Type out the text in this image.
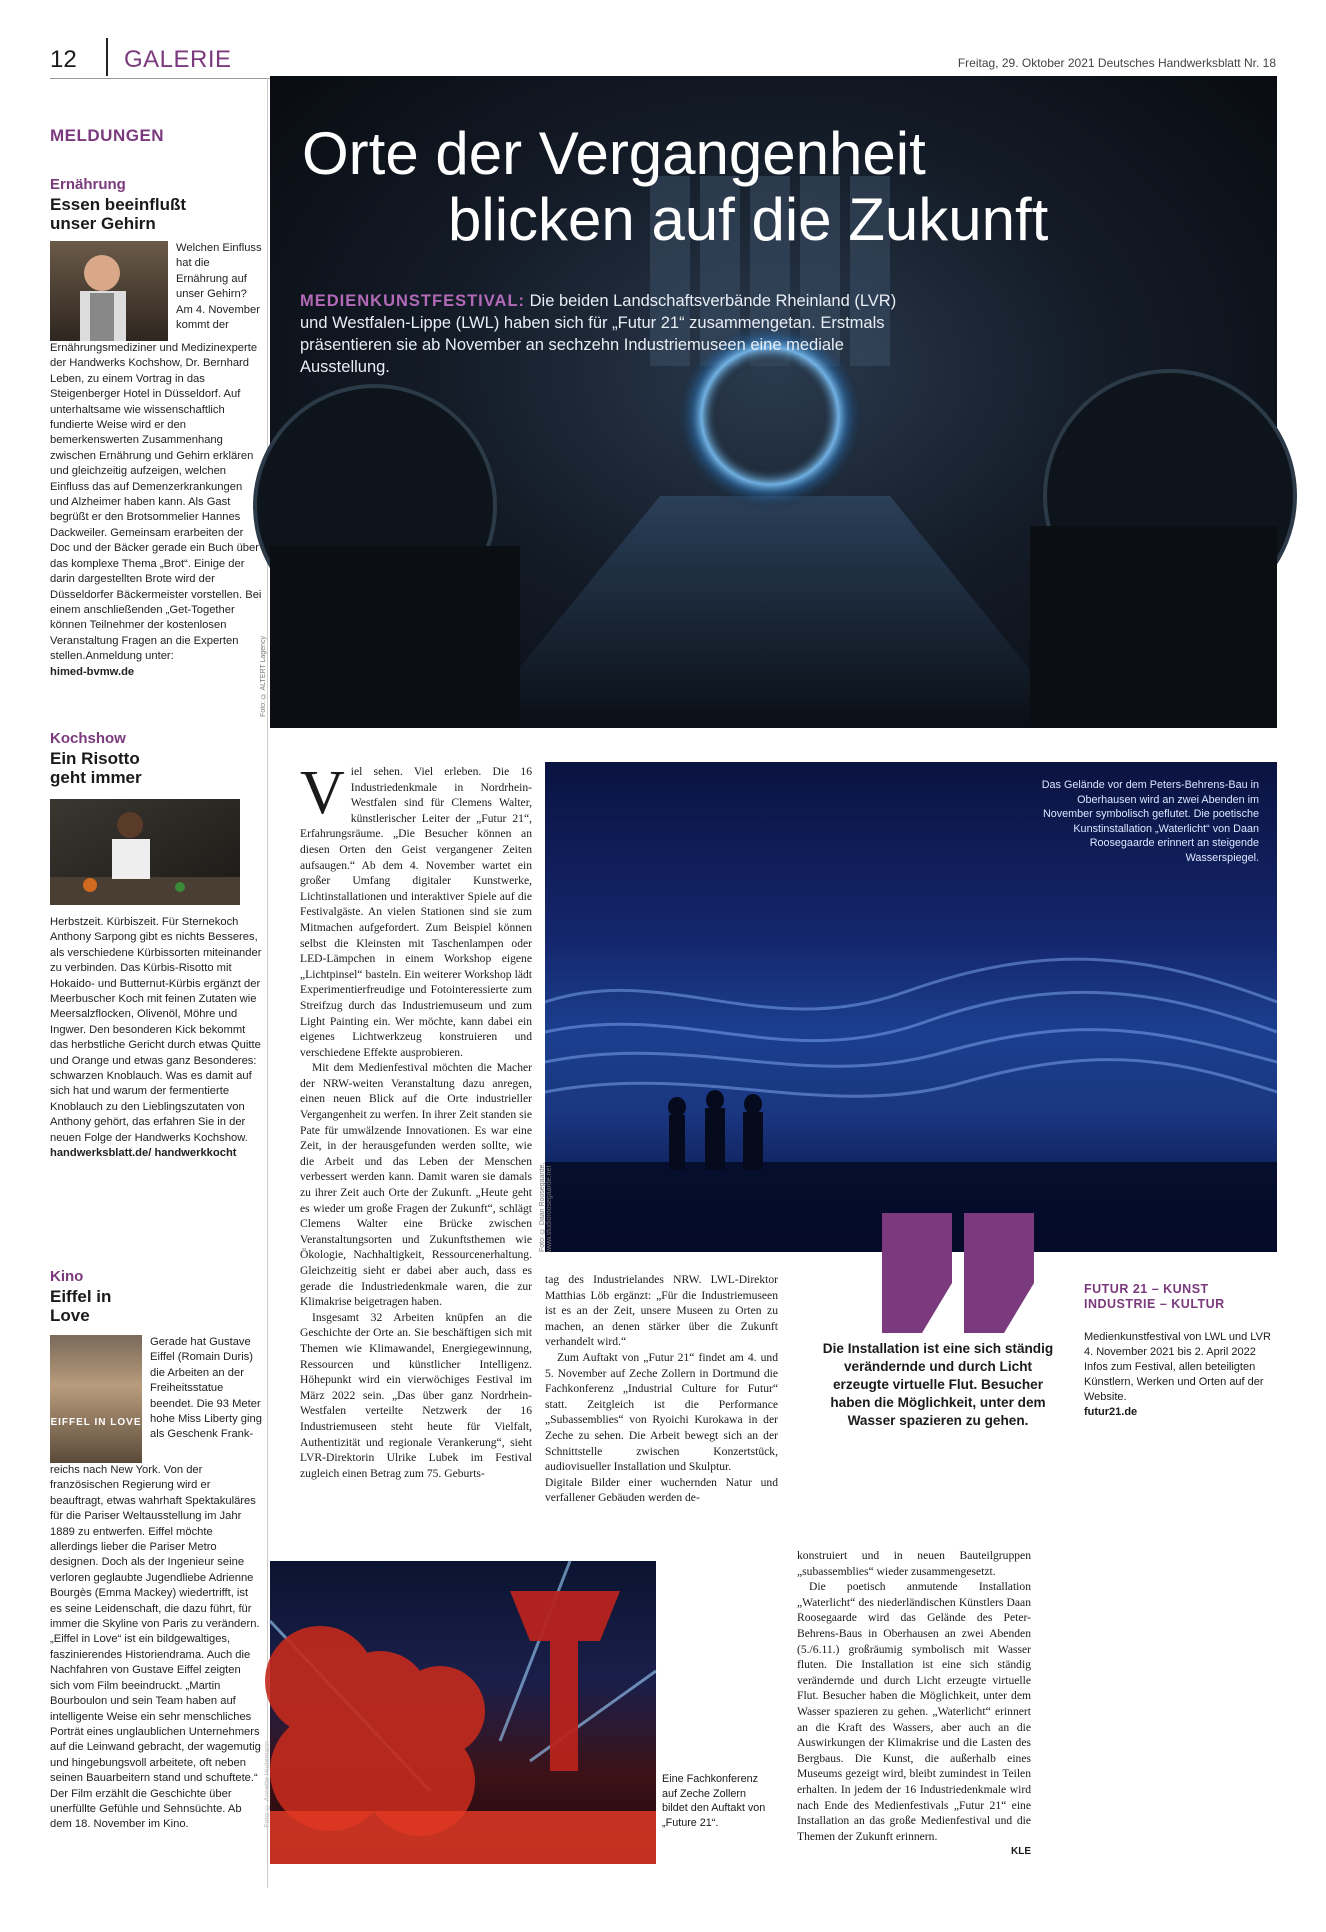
12 GALERIE	Freitag, 29. Oktober 2021 Deutsches Handwerksblatt Nr. 18
MELDUNGEN
Ernährung
Essen beeinflußt
unser Gehirn
Welchen Einfluss hat die Ernährung auf unser Gehirn? Am 4. November kommt der
Ernährungsmediziner und Medizinexperte der Handwerks Kochshow, Dr. Bernhard Leben, zu einem Vortrag in das Steigenberger Hotel in Düsseldorf. Auf unterhaltsame wie wissenschaftlich fundierte Weise wird er den bemerkenswerten Zusammenhang zwischen Ernährung und Gehirn erklären und gleichzeitig aufzeigen, welchen Einfluss das auf Demenzerkrankungen und Alzheimer haben kann. Als Gast begrüßt er den Brotsommelier Hannes Dackweiler. Gemeinsam erarbeiten der Doc und der Bäcker gerade ein Buch über das komplexe Thema „Brot“. Einige der darin dargestellten Brote wird der Düsseldorfer Bäckermeister vorstellen. Bei einem anschließenden „Get-Together können Teilnehmer der kostenlosen Veranstaltung Fragen an die Experten stellen.Anmeldung unter:
himed-bvmw.de
Kochshow
Ein Risotto
geht immer
Herbstzeit. Kürbiszeit. Für Sternekoch Anthony Sarpong gibt es nichts Besseres, als verschiedene Kürbissorten miteinander zu verbinden. Das Kürbis-Risotto mit Hokaido- und Butternut-Kürbis ergänzt der Meerbuscher Koch mit feinen Zutaten wie Meersalzflocken, Olivenöl, Möhre und Ingwer. Den besonderen Kick bekommt das herbstliche Gericht durch etwas Quitte und Orange und etwas ganz Besonderes: schwarzen Knoblauch. Was es damit auf sich hat und warum der fermentierte Knoblauch zu den Lieblingszutaten von Anthony gehört, das erfahren Sie in der neuen Folge der Handwerks Kochshow.
handwerksblatt.de/ handwerkkocht
Kino
Eiffel in
Love
EIFFEL IN LOVE
Gerade hat Gustave Eiffel (Romain Duris) die Arbeiten an der Freiheitsstatue beendet. Die 93 Meter hohe Miss Liberty ging als Geschenk Frank-
reichs nach New York. Von der französischen Regierung wird er beauftragt, etwas wahrhaft Spektakuläres für die Pariser Weltausstellung im Jahr 1889 zu entwerfen. Eiffel möchte allerdings lieber die Pariser Metro designen. Doch als der Ingenieur seine verloren geglaubte Jugendliebe Adrienne Bourgès (Emma Mackey) wiedertrifft, ist es seine Leidenschaft, die dazu führt, für immer die Skyline von Paris zu verändern. „Eiffel in Love“ ist ein bildgewaltiges, faszinierendes Historiendrama. Auch die Nachfahren von Gustave Eiffel zeigten sich vom Film beeindruckt. „Martin Bourboulon und sein Team haben auf intelligente Weise ein sehr menschliches Porträt eines unglaublichen Unternehmers auf die Leinwand gebracht, der wagemutig und hingebungsvoll arbeitete, oft neben seinen Bauarbeitern stand und schuftete.“ Der Film erzählt die Geschichte über unerfüllte Gefühle und Sehnsüchte. Ab dem 18. November im Kino.
Orte der Vergangenheit
blicken auf die Zukunft
MEDIENKUNSTFESTIVAL: Die beiden Landschaftsverbände Rheinland (LVR) und Westfalen-Lippe (LWL) haben sich für „Futur 21“ zusammengetan. Erstmals präsentieren sie ab November an sechzehn Industriemuseen eine mediale Ausstellung.
Foto: © ALTERT Lagency
V iel sehen. Viel erleben. Die 16 Industriedenkmale in Nordrhein-Westfalen sind für Clemens Walter, künstlerischer Leiter der „Futur 21“, Erfahrungsräume. „Die Besucher können an diesen Orten den Geist vergangener Zeiten aufsaugen.“ Ab dem 4. November wartet ein großer Umfang digitaler Kunstwerke, Lichtinstallationen und interaktiver Spiele auf die Festivalgäste. An vielen Stationen sind sie zum Mitmachen aufgefordert. Zum Beispiel können selbst die Kleinsten mit Taschenlampen oder LED-Lämpchen in einem Workshop eigene „Lichtpinsel“ basteln. Ein weiterer Workshop lädt Experimentierfreudige und Fotointeressierte zum Streifzug durch das Industriemuseum und zum Light Painting ein. Wer möchte, kann dabei ein eigenes Lichtwerkzeug konstruieren und verschiedene Effekte ausprobieren.

Mit dem Medienfestival möchten die Macher der NRW-weiten Veranstaltung dazu anregen, einen neuen Blick auf die Orte industrieller Vergangenheit zu werfen. In ihrer Zeit standen sie Pate für umwälzende Innovationen. Es war eine Zeit, in der herausgefunden werden sollte, wie die Arbeit und das Leben der Menschen verbessert werden kann. Damit waren sie damals zu ihrer Zeit auch Orte der Zukunft. „Heute geht es wieder um große Fragen der Zukunft“, schlägt Clemens Walter eine Brücke zwischen Veranstaltungsorten und Zukunftsthemen wie Ökologie, Nachhaltigkeit, Ressourcenerhaltung. Gleichzeitig sieht er dabei aber auch, dass es gerade die Industriedenkmale waren, die zur Klimakrise beigetragen haben.

Insgesamt 32 Arbeiten knüpfen an die Geschichte der Orte an. Sie beschäftigen sich mit Themen wie Klimawandel, Energiegewinnung, Ressourcen und künstlicher Intelligenz. Höhepunkt wird ein vierwöchiges Festival im März 2022 sein. „Das über ganz Nordrhein-Westfalen verteilte Netzwerk der 16 Industriemuseen steht heute für Vielfalt, Authentizität und regionale Verankerung“, sieht LVR-Direktorin Ulrike Lubek im Festival zugleich einen Betrag zum 75. Geburts-

Das Gelände vor dem Peters-Behrens-Bau in Oberhausen wird an zwei Abenden im November symbolisch geflutet. Die poetische Kunstinstallation „Waterlicht“ von Daan Roosegaarde erinnert an steigende Wasserspiegel.
Foto: © Daan Roosegaarde, www.studioroosegaarde.net

tag des Industrielandes NRW. LWL-Direktor Matthias Löb ergänzt: „Für die Industriemuseen ist es an der Zeit, unsere Museen zu Orten zu machen, an denen stärker über die Zukunft verhandelt wird.“

Zum Auftakt von „Futur 21“ findet am 4. und 5. November auf Zeche Zollern in Dortmund die Fachkonferenz „Industrial Culture for Futur“ statt. Zeitgleich ist die Performance „Subassemblies“ von Ryoichi Kurokawa in der Zeche zu sehen. Die Arbeit bewegt sich an der Schnittstelle zwischen Konzertstück, audiovisueller Installation und Skulptur.

Digitale Bilder einer wuchernden Natur und verfallener Gebäuden werden de-

Die Installation ist eine sich ständig verändernde und durch Licht erzeugte virtuelle Flut. Besucher haben die Möglichkeit, unter dem Wasser spazieren zu gehen.
FUTUR 21 – KUNST INDUSTRIE – KULTUR
Medienkunstfestival von LWL und LVR 4. November 2021 bis 2. April 2022 Infos zum Festival, allen beteiligten Künstlern, Werken und Orten auf der Website.
futur21.de
Foto: © Annette Hudemann	Eine Fachkonferenz auf Zeche Zollern bildet den Auftakt von „Future 21“.

konstruiert und in neuen Bauteilgruppen „subassemblies“ wieder zusammengesetzt.

Die poetisch anmutende Installation „Waterlicht“ des niederländischen Künstlers Daan Roosegaarde wird das Gelände des Peter-Behrens-Baus in Oberhausen an zwei Abenden (5./6.11.) großräumig symbolisch mit Wasser fluten. Die Installation ist eine sich ständig verändernde und durch Licht erzeugte virtuelle Flut. Besucher haben die Möglichkeit, unter dem Wasser spazieren zu gehen. „Waterlicht“ erinnert an die Kraft des Wassers, aber auch an die Auswirkungen der Klimakrise und die Lasten des Bergbaus. Die Kunst, die außerhalb eines Museums gezeigt wird, bleibt zumindest in Teilen erhalten. In jedem der 16 Industriedenkmale wird nach Ende des Medienfestivals „Futur 21“ eine Installation an das große Medienfestival und die Themen der Zukunft erinnern.

KLE
